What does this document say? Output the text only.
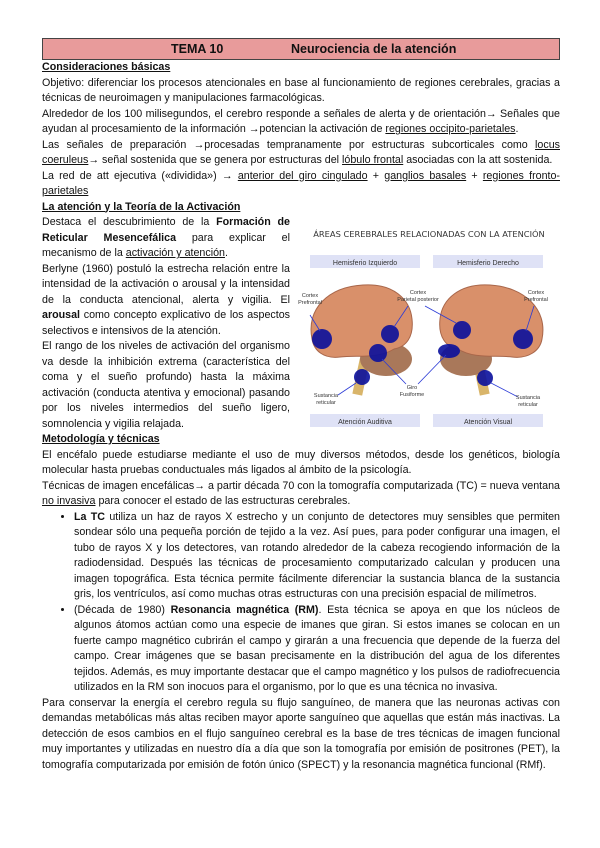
TEMA 10	Neurociencia de la atención
Consideraciones básicas

Objetivo: diferenciar los procesos atencionales en base al funcionamiento de regiones cerebrales, gracias a técnicas de neuroimagen y manipulaciones farmacológicas.

Alrededor de los 100 milisegundos, el cerebro responde a señales de alerta y de orientación→ Señales que ayudan al procesamiento de la información →potencian la activación de regiones occipito-parietales.

Las señales de preparación →procesadas tempranamente por estructuras subcorticales como locus coeruleus→ señal sostenida que se genera por estructuras del lóbulo frontal asociadas con la att sostenida.

La red de att ejecutiva («dividida») → anterior del giro cingulado + ganglios basales + regiones fronto-parietales

La atención y la Teoría de la Activación
ÁREAS CEREBRALES RELACIONADAS CON LA ATENCIÓN
Hemisferio Izquierdo	Hemisferio Derecho
Cortex
Prefrontal
Cortex
Parietal posterior
Cortex
Prefrontal
Sustancia
reticular
Giro
Fusiforme	Sustancia
reticular
Atención Auditiva	Atención Visual

Destaca el descubrimiento de la Formación de Reticular Mesencefálica para explicar el mecanismo de la activación y atención.

Berlyne (1960) postuló la estrecha relación entre la intensidad de la activación o arousal y la intensidad de la conducta atencional, alerta y vigilia. El arousal como concepto explicativo de los aspectos selectivos e intensivos de la atención.

El rango de los niveles de activación del organismo va desde la inhibición extrema (característica del coma y el sueño profundo) hasta la máxima activación (conducta atentiva y emocional) pasando por los niveles intermedios del sueño ligero, somnolencia y vigilia relajada.

Metodología y técnicas

El encéfalo puede estudiarse mediante el uso de muy diversos métodos, desde los genéticos, biología molecular hasta pruebas conductuales más ligados al ámbito de la psicología.

Técnicas de imagen encefálicas→ a partir década 70 con la tomografía computarizada (TC) = nueva ventana no invasiva para conocer el estado de las estructuras cerebrales.

• La TC utiliza un haz de rayos X estrecho y un conjunto de detectores muy sensibles que permiten sondear sólo una pequeña porción de tejido a la vez. Así pues, para poder configurar una imagen, el tubo de rayos X y los detectores, van rotando alrededor de la cabeza recogiendo información de la radiodensidad. Después las técnicas de procesamiento computarizado calculan y producen una imagen topográfica. Esta técnica permite fácilmente diferenciar la sustancia blanca de la sustancia gris, los ventrículos, así como muchas otras estructuras con una precisión espacial de milímetros.
• (Década de 1980) Resonancia magnética (RM). Esta técnica se apoya en que los núcleos de algunos átomos actúan como una especie de imanes que giran. Si estos imanes se colocan en un fuerte campo magnético cubrirán el campo y girarán a una frecuencia que depende de la fuerza del campo. Crear imágenes que se basan precisamente en la distribución del agua de los diferentes tejidos. Además, es muy importante destacar que el campo magnético y los pulsos de radiofrecuencia utilizados en la RM son inocuos para el organismo, por lo que es una técnica no invasiva.

Para conservar la energía el cerebro regula su flujo sanguíneo, de manera que las neuronas activas con demandas metabólicas más altas reciben mayor aporte sanguíneo que aquellas que están más inactivas. La detección de esos cambios en el flujo sanguíneo cerebral es la base de tres técnicas de imagen funcional muy importantes y utilizadas en nuestro día a día que son la tomografía por emisión de positrones (PET), la tomografía computarizada por emisión de fotón único (SPECT) y la resonancia magnética funcional (RMf).
